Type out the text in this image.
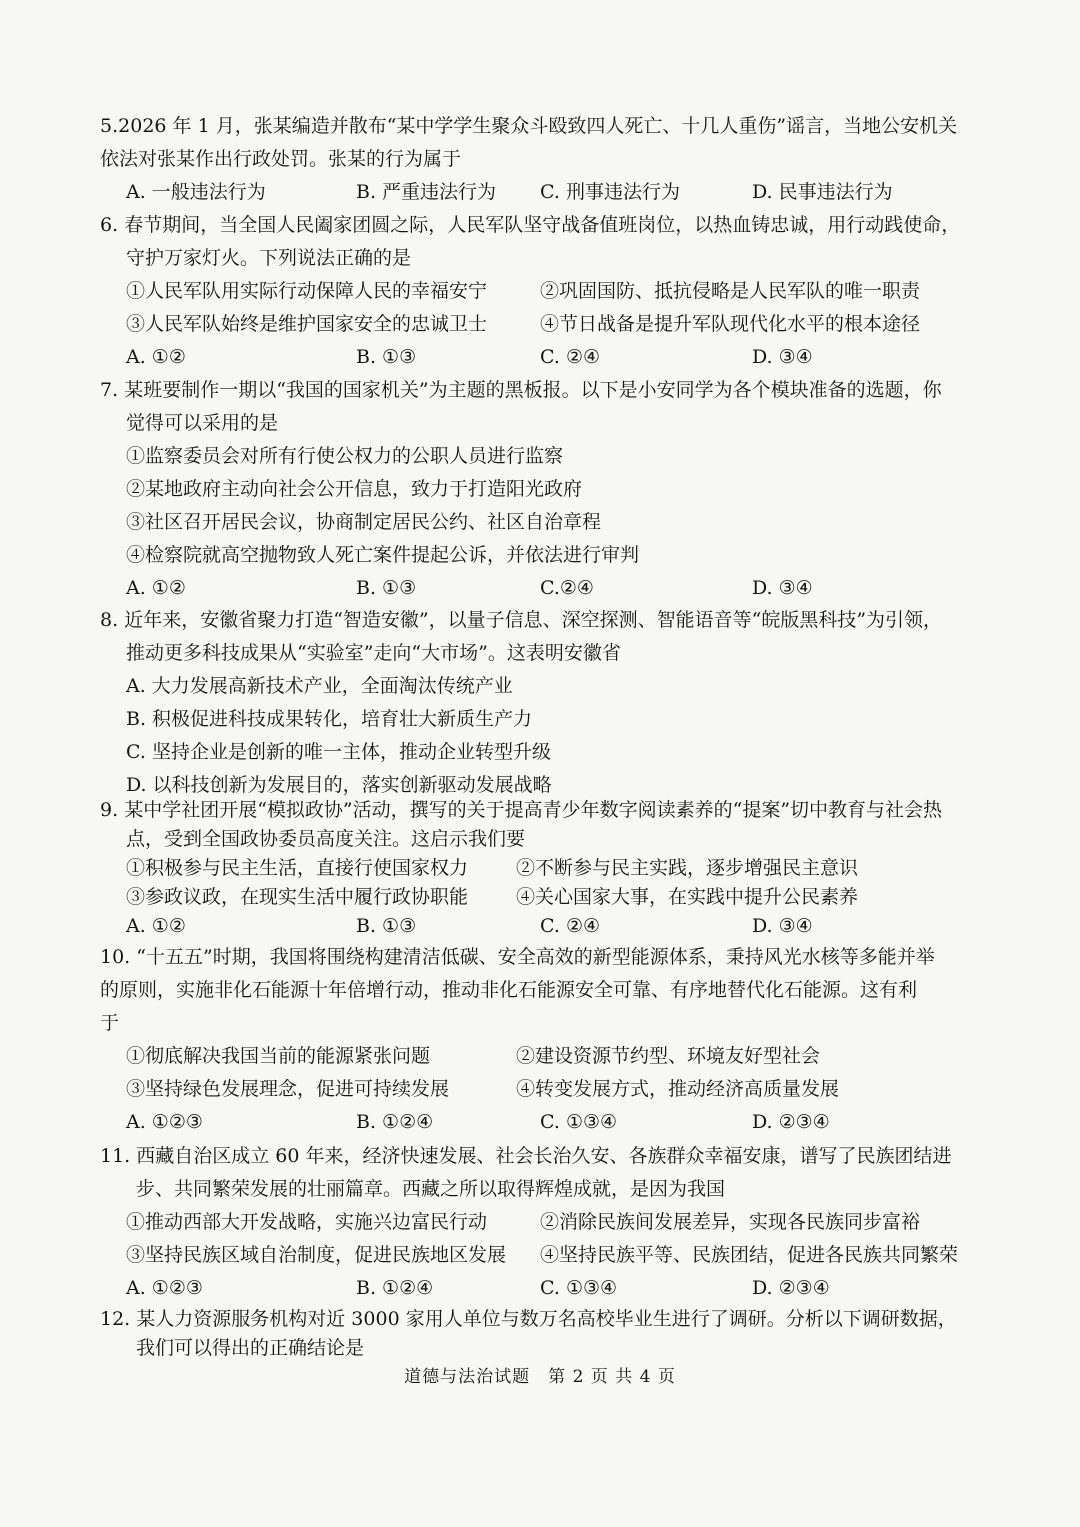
5.2026 年 1 月，张某编造并散布“某中学学生聚众斗殴致四人死亡、十几人重伤”谣言，当地公安机关
依法对张某作出行政处罚。张某的行为属于
A. 一般违法行为	B. 严重违法行为 C. 刑事违法行为	D. 民事违法行为
6. 春节期间，当全国人民阖家团圆之际，人民军队坚守战备值班岗位，以热血铸忠诚，用行动践使命，
守护万家灯火。下列说法正确的是
①人民军队用实际行动保障人民的幸福安宁	②巩固国防、抵抗侵略是人民军队的唯一职责
③人民军队始终是维护国家安全的忠诚卫士	④节日战备是提升军队现代化水平的根本途径
A. ①②	B. ①③	C. ②④	D. ③④
7. 某班要制作一期以“我国的国家机关”为主题的黑板报。以下是小安同学为各个模块准备的选题，你
觉得可以采用的是
①监察委员会对所有行使公权力的公职人员进行监察
②某地政府主动向社会公开信息，致力于打造阳光政府
③社区召开居民会议，协商制定居民公约、社区自治章程
④检察院就高空抛物致人死亡案件提起公诉，并依法进行审判
A. ①②	B. ①③	C.②④	D. ③④
8. 近年来，安徽省聚力打造“智造安徽”，以量子信息、深空探测、智能语音等“皖版黑科技”为引领，
推动更多科技成果从“实验室”走向“大市场”。这表明安徽省
A. 大力发展高新技术产业，全面淘汰传统产业
B. 积极促进科技成果转化，培育壮大新质生产力
C. 坚持企业是创新的唯一主体，推动企业转型升级
D. 以科技创新为发展目的，落实创新驱动发展战略
9. 某中学社团开展“模拟政协”活动，撰写的关于提高青少年数字阅读素养的“提案”切中教育与社会热
点，受到全国政协委员高度关注。这启示我们要
①积极参与民主生活，直接行使国家权力	②不断参与民主实践，逐步增强民主意识
③参政议政，在现实生活中履行政协职能	④关心国家大事，在实践中提升公民素养
A. ①②	B. ①③	C. ②④	D. ③④
10. “十五五”时期，我国将围绕构建清洁低碳、安全高效的新型能源体系，秉持风光水核等多能并举
的原则，实施非化石能源十年倍增行动，推动非化石能源安全可靠、有序地替代化石能源。这有利
于
①彻底解决我国当前的能源紧张问题	②建设资源节约型、环境友好型社会
③坚持绿色发展理念，促进可持续发展	④转变发展方式，推动经济高质量发展
A. ①②③	B. ①②④	C. ①③④	D. ②③④
11. 西藏自治区成立 60 年来，经济快速发展、社会长治久安、各族群众幸福安康，谱写了民族团结进
步、共同繁荣发展的壮丽篇章。西藏之所以取得辉煌成就，是因为我国
①推动西部大开发战略，实施兴边富民行动	②消除民族间发展差异，实现各民族同步富裕
③坚持民族区域自治制度，促进民族地区发展 ④坚持民族平等、民族团结，促进各民族共同繁荣
A. ①②③	B. ①②④	C. ①③④	D. ②③④
12. 某人力资源服务机构对近 3000 家用人单位与数万名高校毕业生进行了调研。分析以下调研数据，
我们可以得出的正确结论是
道德与法治试题　第 2 页 共 4 页
